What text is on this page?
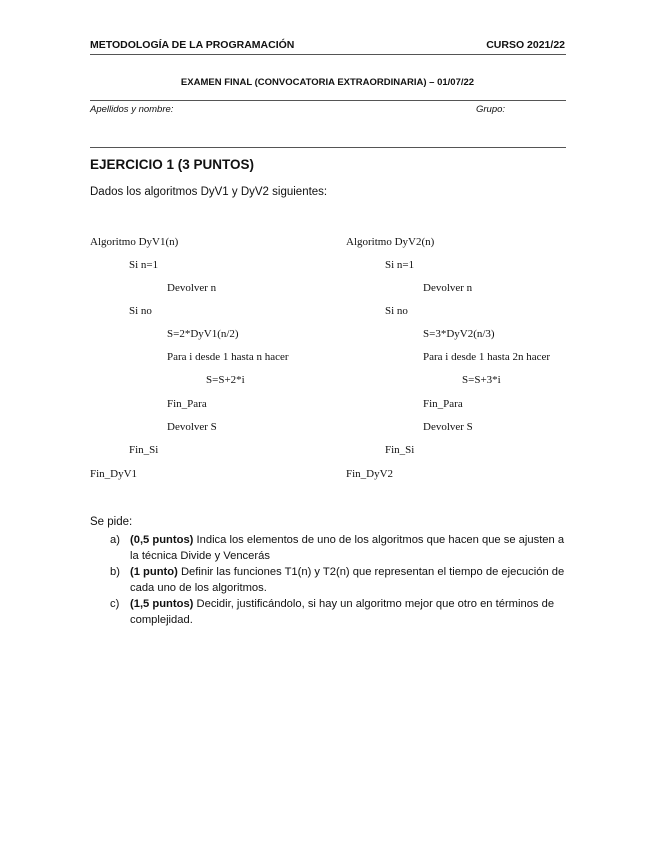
METODOLOGÍA DE LA PROGRAMACIÓN	CURSO 2021/22
EXAMEN FINAL (CONVOCATORIA EXTRAORDINARIA) – 01/07/22
Apellidos y nombre:	Grupo:
EJERCICIO 1 (3 PUNTOS)
Dados los algoritmos DyV1 y DyV2 siguientes:
Algoritmo DyV1(n)
Si n=1
Devolver n
Si no
S=2*DyV1(n/2)
Para i desde 1 hasta n hacer
S=S+2*i
Fin_Para
Devolver S
Fin_Si
Fin_DyV1
Algoritmo DyV2(n)
Si n=1
Devolver n
Si no
S=3*DyV2(n/3)
Para i desde 1 hasta 2n hacer
S=S+3*i
Fin_Para
Devolver S
Fin_Si
Fin_DyV2
Se pide:
a) (0,5 puntos) Indica los elementos de uno de los algoritmos que hacen que se ajusten a la técnica Divide y Vencerás
b) (1 punto) Definir las funciones T1(n) y T2(n) que representan el tiempo de ejecución de cada uno de los algoritmos.
c) (1,5 puntos) Decidir, justificándolo, si hay un algoritmo mejor que otro en términos de complejidad.
